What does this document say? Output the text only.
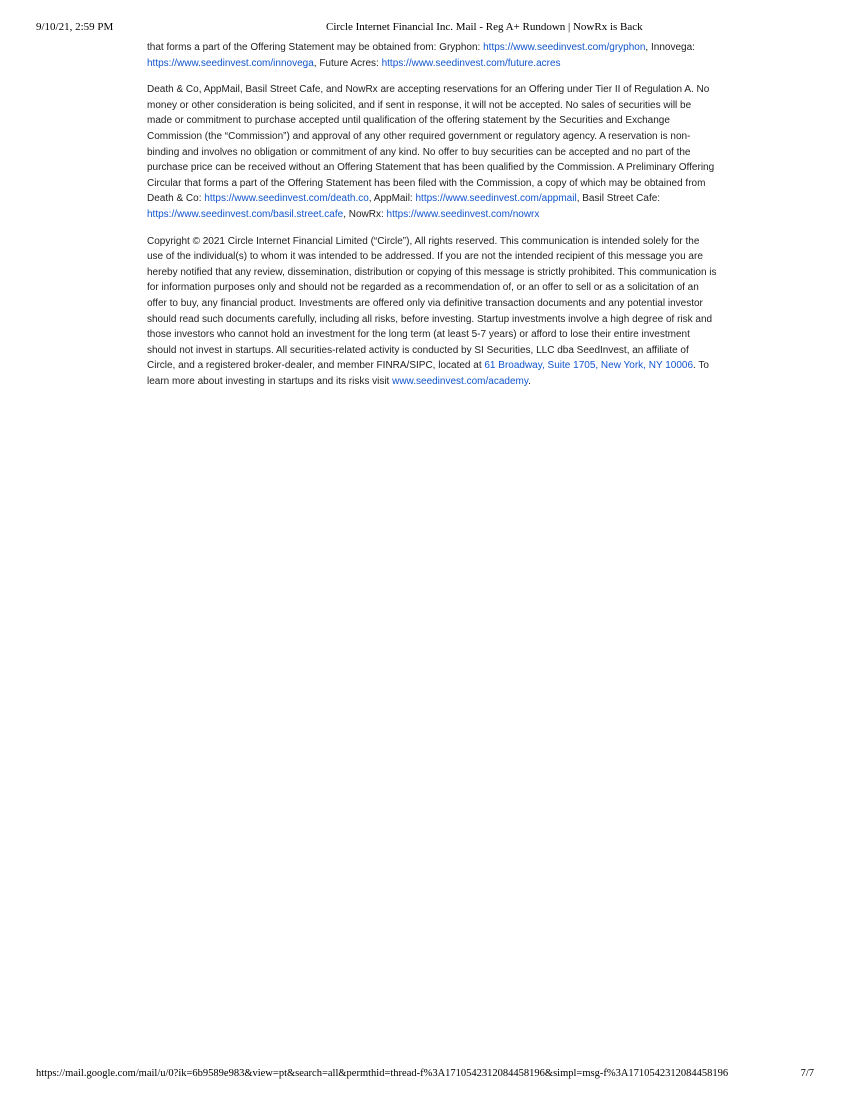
9/10/21, 2:59 PM	Circle Internet Financial Inc. Mail - Reg A+ Rundown | NowRx is Back

that forms a part of the Offering Statement may be obtained from: Gryphon: https://www.seedinvest.com/gryphon, Innovega: https://www.seedinvest.com/innovega, Future Acres: https://www.seedinvest.com/future.acres

Death & Co, AppMail, Basil Street Cafe, and NowRx are accepting reservations for an Offering under Tier II of Regulation A. No money or other consideration is being solicited, and if sent in response, it will not be accepted. No sales of securities will be made or commitment to purchase accepted until qualification of the offering statement by the Securities and Exchange Commission (the “Commission”) and approval of any other required government or regulatory agency. A reservation is non-binding and involves no obligation or commitment of any kind. No offer to buy securities can be accepted and no part of the purchase price can be received without an Offering Statement that has been qualified by the Commission. A Preliminary Offering Circular that forms a part of the Offering Statement has been filed with the Commission, a copy of which may be obtained from Death & Co: https://www.seedinvest.com/death.co, AppMail: https://www.seedinvest.com/appmail, Basil Street Cafe: https://www.seedinvest.com/basil.street.cafe, NowRx: https://www.seedinvest.com/nowrx

Copyright © 2021 Circle Internet Financial Limited (“Circle”), All rights reserved. This communication is intended solely for the use of the individual(s) to whom it was intended to be addressed. If you are not the intended recipient of this message you are hereby notified that any review, dissemination, distribution or copying of this message is strictly prohibited. This communication is for information purposes only and should not be regarded as a recommendation of, or an offer to sell or as a solicitation of an offer to buy, any financial product. Investments are offered only via definitive transaction documents and any potential investor should read such documents carefully, including all risks, before investing. Startup investments involve a high degree of risk and those investors who cannot hold an investment for the long term (at least 5-7 years) or afford to lose their entire investment should not invest in startups. All securities-related activity is conducted by SI Securities, LLC dba SeedInvest, an affiliate of Circle, and a registered broker-dealer, and member FINRA/SIPC, located at 61 Broadway, Suite 1705, New York, NY 10006. To learn more about investing in startups and its risks visit www.seedinvest.com/academy.

https://mail.google.com/mail/u/0?ik=6b9589e983&view=pt&search=all&permthid=thread-f%3A1710542312084458196&simpl=msg-f%3A1710542312084458196	7/7
